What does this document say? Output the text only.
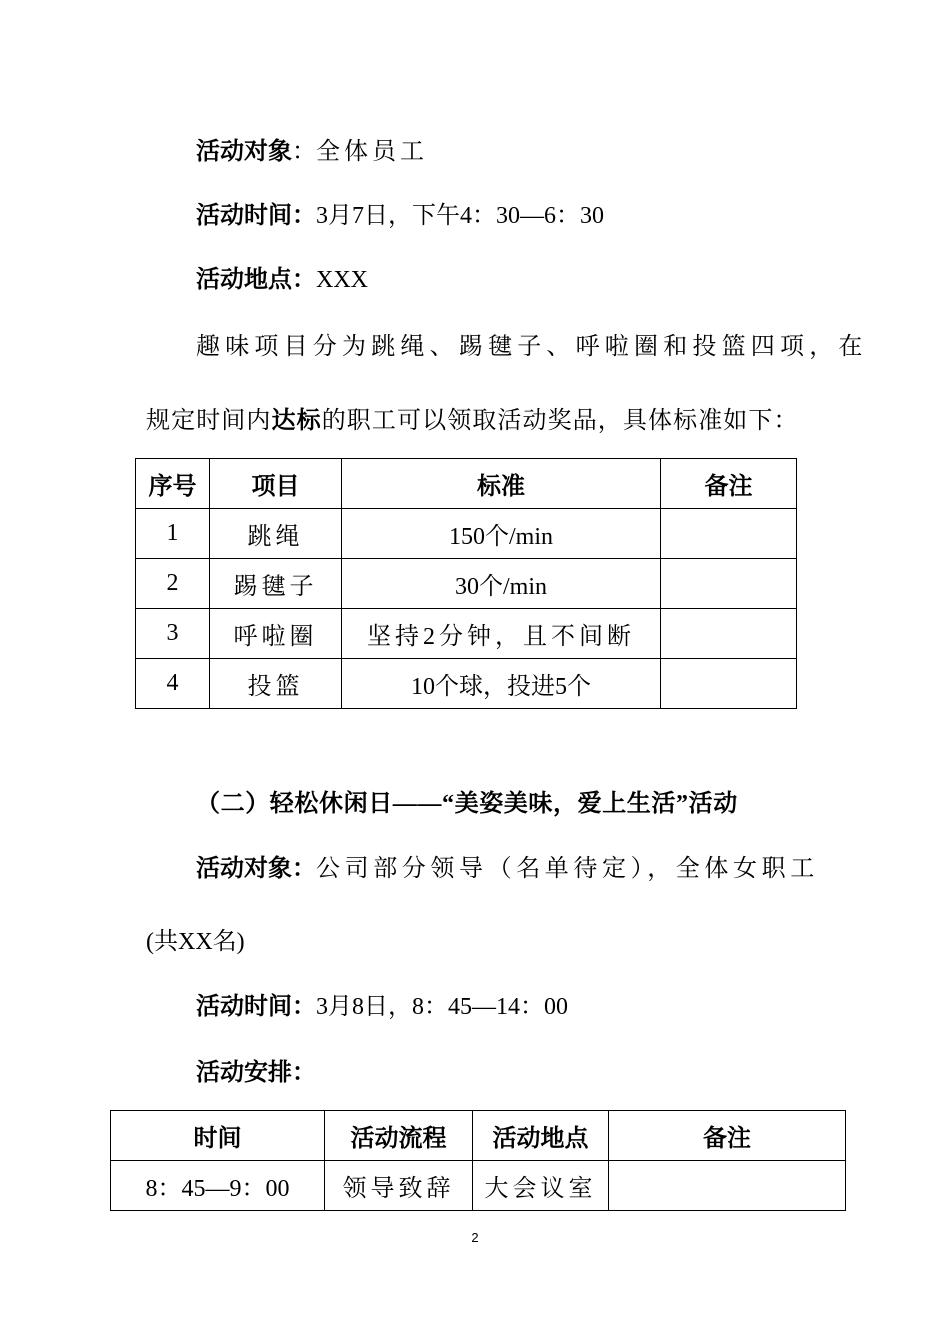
活动对象：全体员工
活动时间：3月7日，下午4：30—6：30
活动地点：XXX
趣味项目分为跳绳、踢毽子、呼啦圈和投篮四项，在
规定时间内达标的职工可以领取活动奖品，具体标准如下：
序号	项目	标准	备注
1	跳绳	150个/min	
2	踢毽子	30个/min	
3	呼啦圈	坚持2分钟，且不间断	
4	投篮	10个球，投进5个	
（二）轻松休闲日——“美姿美味，爱上生活”活动
活动对象：公司部分领导（名单待定），全体女职工
(共XX名)
活动时间：3月8日，8：45—14：00
活动安排：
时间	活动流程	活动地点	备注
8：45—9：00	领导致辞	大会议室	
2
